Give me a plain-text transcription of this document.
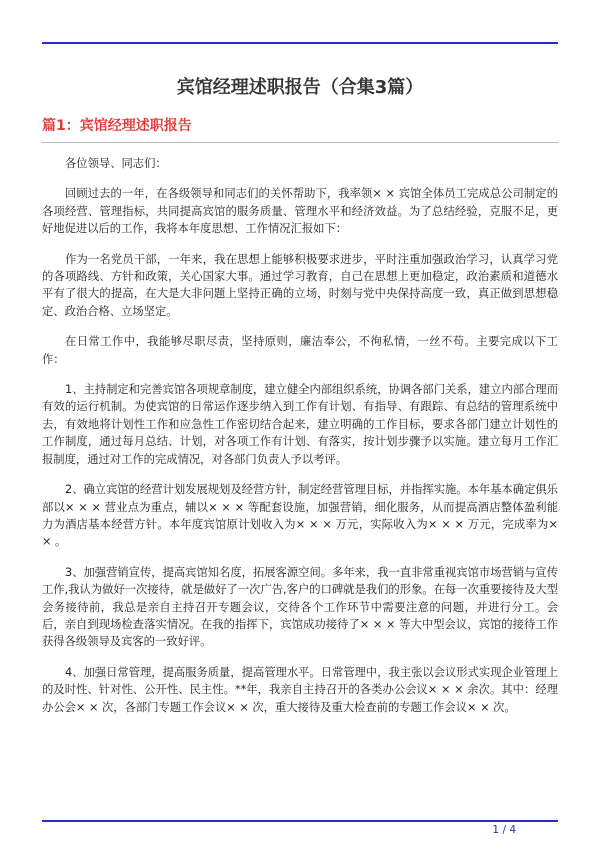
宾馆经理述职报告（合集3篇）
篇1：宾馆经理述职报告

各位领导、同志们：

回顾过去的一年，在各级领导和同志们的关怀帮助下，我率领× × 宾馆全体员工完成总公司制定的各项经营、管理指标，共同提高宾馆的服务质量、管理水平和经济效益。为了总结经验，克服不足，更好地促进以后的工作，我将本年度思想、工作情况汇报如下：

作为一名党员干部，一年来，我在思想上能够积极要求进步，平时注重加强政治学习，认真学习党的各项路线、方针和政策，关心国家大事。通过学习教育，自己在思想上更加稳定，政治素质和道德水平有了很大的提高，在大是大非问题上坚持正确的立场，时刻与党中央保持高度一致，真正做到思想稳定、政治合格、立场坚定。

在日常工作中，我能够尽职尽责，坚持原则，廉洁奉公，不徇私情，一丝不苟。主要完成以下工作：

1、主持制定和完善宾馆各项规章制度，建立健全内部组织系统，协调各部门关系，建立内部合理而有效的运行机制。为使宾馆的日常运作逐步纳入到工作有计划、有指导、有跟踪、有总结的管理系统中去，有效地将计划性工作和应急性工作密切结合起来，建立明确的工作目标，要求各部门建立计划性的工作制度，通过每月总结、计划，对各项工作有计划、有落实，按计划步骤予以实施。建立每月工作汇报制度，通过对工作的完成情况，对各部门负责人予以考评。

2、确立宾馆的经营计划发展规划及经营方针，制定经营管理目标，并指挥实施。本年基本确定俱乐部以× × × 营业点为重点，辅以× × × 等配套设施，加强营销，细化服务，从而提高酒店整体盈利能力为酒店基本经营方针。本年度宾馆原计划收入为× × × 万元，实际收入为× × × 万元，完成率为× × 。

3、加强营销宣传，提高宾馆知名度，拓展客源空间。多年来，我一直非常重视宾馆市场营销与宣传工作,我认为做好一次接待，就是做好了一次广告,客户的口碑就是我们的形象。在每一次重要接待及大型会务接待前，我总是亲自主持召开专题会议，交待各个工作环节中需要注意的问题，并进行分工。会后，亲自到现场检查落实情况。在我的指挥下，宾馆成功接待了× × × 等大中型会议，宾馆的接待工作获得各级领导及宾客的一致好评。

4、加强日常管理，提高服务质量，提高管理水平。日常管理中，我主张以会议形式实现企业管理上的及时性、针对性、公开性、民主性。**年，我亲自主持召开的各类办公会议× × × 余次。其中：经理办公会× × 次，各部门专题工作会议× × 次，重大接待及重大检查前的专题工作会议× × 次。

1 / 4
